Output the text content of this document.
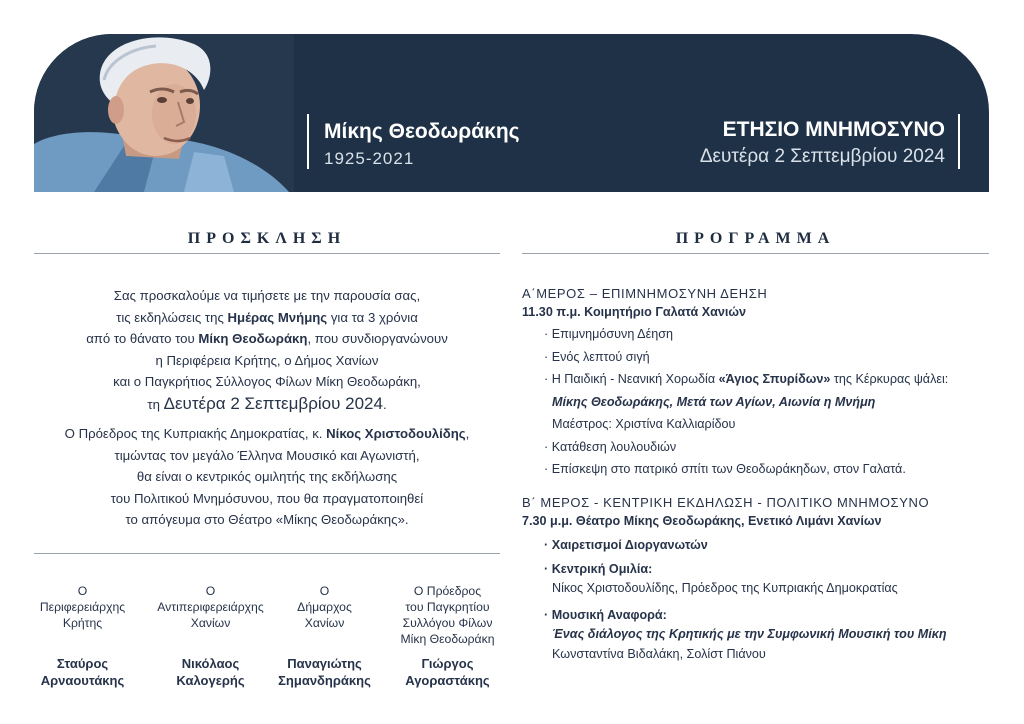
Μίκης Θεοδωράκης
1925-2021
ΕΤΗΣΙΟ ΜΝΗΜΟΣΥΝΟ
Δευτέρα 2 Σεπτεμβρίου 2024
ΠΡΟΣΚΛΗΣΗ	ΠΡΟΓΡΑΜΜΑ

Σας προσκαλούμε να τιμήσετε με την παρουσία σας,

τις εκδηλώσεις της Ημέρας Μνήμης για τα 3 χρόνια

από το θάνατο του Μίκη Θεοδωράκη, που συνδιοργανώνουν

η Περιφέρεια Κρήτης, ο Δήμος Χανίων

και ο Παγκρήτιος Σύλλογος Φίλων Μίκη Θεοδωράκη,

τη Δευτέρα 2 Σεπτεμβρίου 2024.

Ο Πρόεδρος της Κυπριακής Δημοκρατίας, κ. Νίκος Χριστοδουλίδης,

τιμώντας τον μεγάλο Έλληνα Μουσικό και Αγωνιστή,

θα είναι ο κεντρικός ομιλητής της εκδήλωσης

του Πολιτικού Μνημόσυνου, που θα πραγματοποιηθεί

το απόγευμα στο Θέατρο «Μίκης Θεοδωράκης».

Ο
Περιφερειάρχης
Κρήτης
Σταύρος
Αρναουτάκης
Ο
Αντιπεριφερειάρχης
Χανίων
Νικόλαος
Καλογερής
Ο
Δήμαρχος
Χανίων
Παναγιώτης
Σημανδηράκης
Ο Πρόεδρος
του Παγκρητίου
Συλλόγου Φίλων
Μίκη Θεοδωράκη
Γιώργος
Αγοραστάκης
Α΄ΜΕΡΟΣ – ΕΠΙΜΝΗΜΟΣΥΝΗ ΔΕΗΣΗ
11.30 π.μ. Κοιμητήριο Γαλατά Χανιών
· Επιμνημόσυνη Δέηση
· Ενός λεπτού σιγή
· Η Παιδική - Νεανική Χορωδία «Άγιος Σπυρίδων» της Κέρκυρας ψάλει:
Μίκης Θεοδωράκης, Μετά των Αγίων, Αιωνία η Μνήμη
Μαέστρος: Χριστίνα Καλλιαρίδου
· Κατάθεση λουλουδιών
· Επίσκεψη στο πατρικό σπίτι των Θεοδωράκηδων, στον Γαλατά.
Β΄ ΜΕΡΟΣ - ΚΕΝΤΡΙΚΗ ΕΚΔΗΛΩΣΗ - ΠΟΛΙΤΙΚΟ ΜΝΗΜΟΣΥΝΟ
7.30 μ.μ. Θέατρο Μίκης Θεοδωράκης, Ενετικό Λιμάνι Χανίων
· Χαιρετισμοί Διοργανωτών
· Κεντρική Ομιλία:
Νίκος Χριστοδουλίδης, Πρόεδρος της Κυπριακής Δημοκρατίας
· Μουσική Αναφορά:
Ένας διάλογος της Κρητικής με την Συμφωνική Μουσική του Μίκη
Κωνσταντίνα Βιδαλάκη, Σολίστ Πιάνου
